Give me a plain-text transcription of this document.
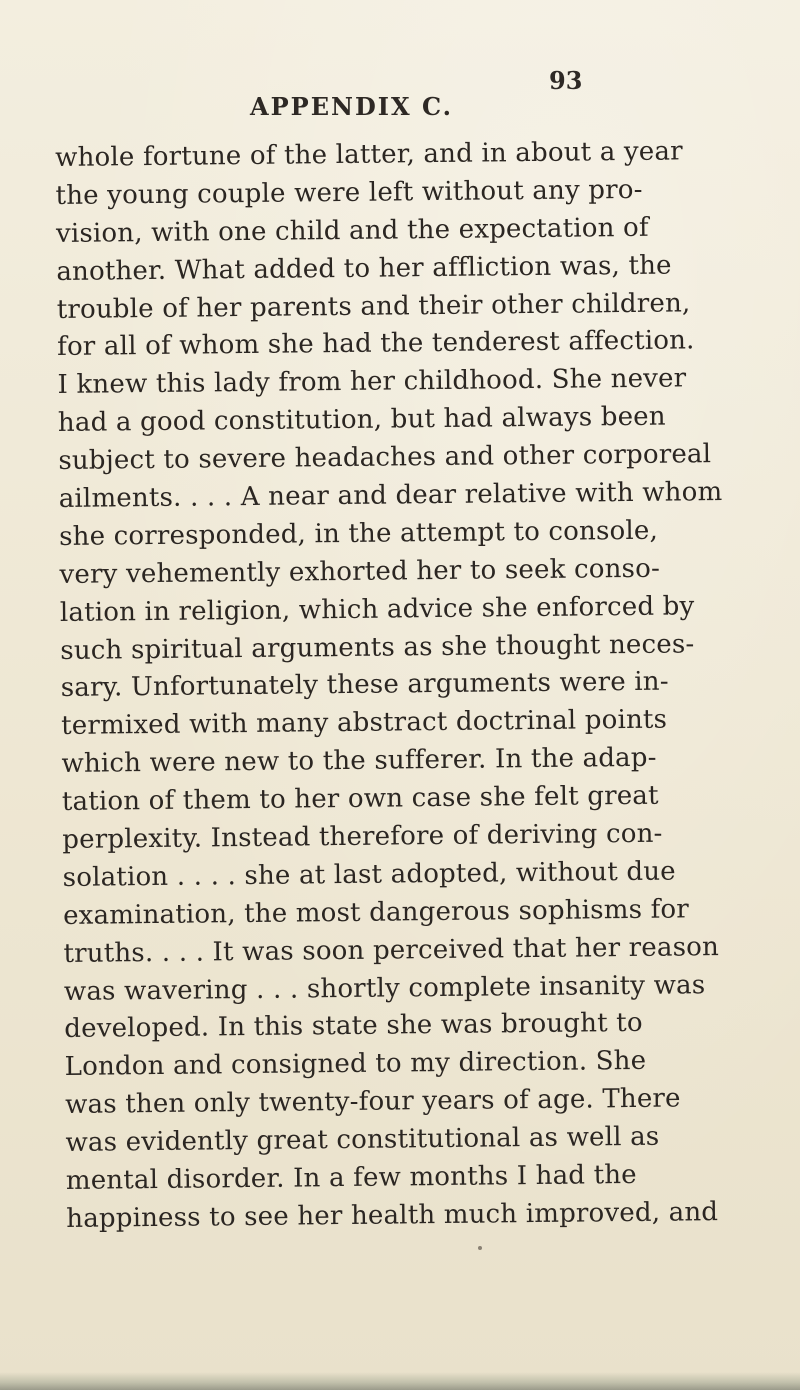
93
APPENDIX C.
whole fortune of the latter, and in about a year
the young couple were left without any pro-
vision, with one child and the expectation of
another. What added to her affliction was, the
trouble of her parents and their other children,
for all of whom she had the tenderest affection.
I knew this lady from her childhood. She never
had a good constitution, but had always been
subject to severe headaches and other corporeal
ailments. . . . A near and dear relative with whom
she corresponded, in the attempt to console,
very vehemently exhorted her to seek conso-
lation in religion, which advice she enforced by
such spiritual arguments as she thought neces-
sary. Unfortunately these arguments were in-
termixed with many abstract doctrinal points
which were new to the sufferer. In the adap-
tation of them to her own case she felt great
perplexity. Instead therefore of deriving con-
solation . . . . she at last adopted, without due
examination, the most dangerous sophisms for
truths. . . . It was soon perceived that her reason
was wavering . . . shortly complete insanity was
developed. In this state she was brought to
London and consigned to my direction. She
was then only twenty-four years of age. There
was evidently great constitutional as well as
mental disorder. In a few months I had the
happiness to see her health much improved, and
